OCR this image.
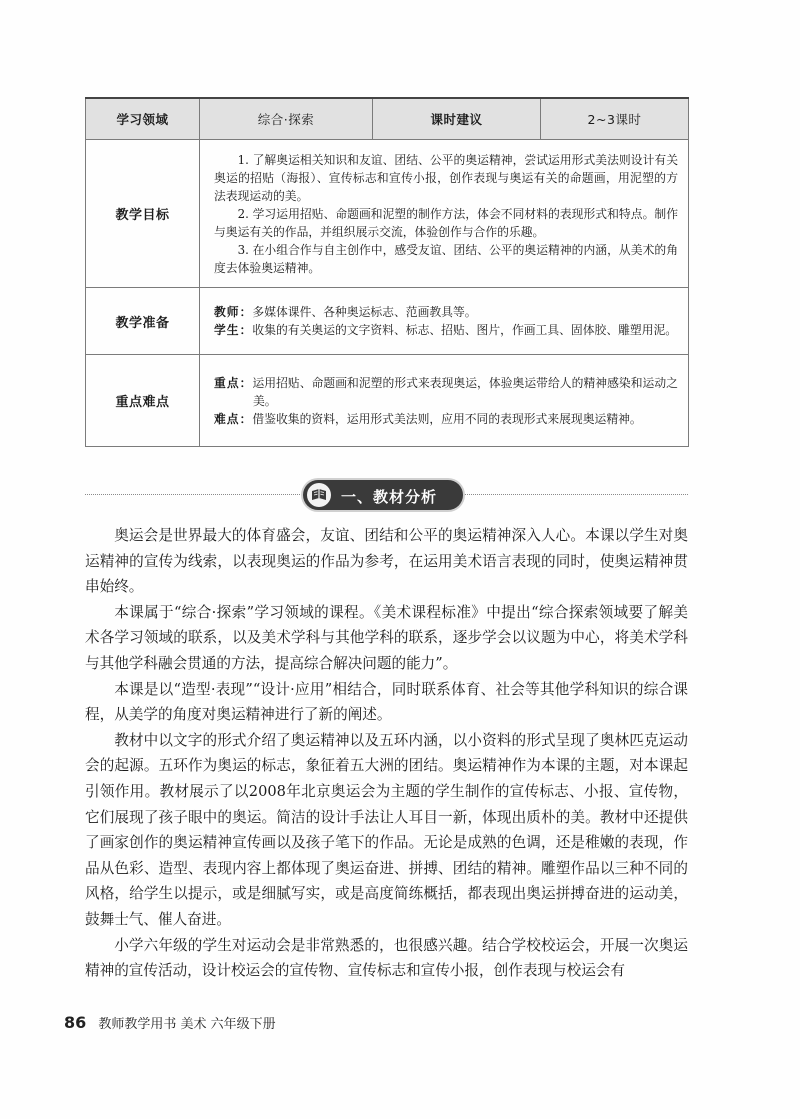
学习领域	综合·探索	课时建议	2~3课时
教学目标	1. 了解奥运相关知识和友谊、团结、公平的奥运精神，尝试运用形式美法则设计有关奥运的招贴（海报）、宣传标志和宣传小报，创作表现与奥运有关的命题画，用泥塑的方法表现运动的美。

2. 学习运用招贴、命题画和泥塑的制作方法，体会不同材料的表现形式和特点。制作与奥运有关的作品，并组织展示交流，体验创作与合作的乐趣。

3. 在小组合作与自主创作中，感受友谊、团结、公平的奥运精神的内涵，从美术的角度去体验奥运精神。		

教学准备	教师：多媒体课件、各种奥运标志、范画教具等。

学生：收集的有关奥运的文字资料、标志、招贴、图片，作画工具、固体胶、雕塑用泥。		

重点难点	重点：运用招贴、命题画和泥塑的形式来表现奥运，体验奥运带给人的精神感染和运动之美。

难点：借鉴收集的资料，运用形式美法则，应用不同的表现形式来展现奥运精神。		

一、教材分析

奥运会是世界最大的体育盛会，友谊、团结和公平的奥运精神深入人心。本课以学生对奥运精神的宣传为线索，以表现奥运的作品为参考，在运用美术语言表现的同时，使奥运精神贯串始终。

本课属于“综合·探索”学习领域的课程。《美术课程标准》中提出“综合探索领域要了解美术各学习领域的联系，以及美术学科与其他学科的联系，逐步学会以议题为中心，将美术学科与其他学科融会贯通的方法，提高综合解决问题的能力”。

本课是以“造型·表现”“设计·应用”相结合，同时联系体育、社会等其他学科知识的综合课程，从美学的角度对奥运精神进行了新的阐述。

教材中以文字的形式介绍了奥运精神以及五环内涵，以小资料的形式呈现了奥林匹克运动会的起源。五环作为奥运的标志，象征着五大洲的团结。奥运精神作为本课的主题，对本课起引领作用。教材展示了以2008年北京奥运会为主题的学生制作的宣传标志、小报、宣传物，它们展现了孩子眼中的奥运。简洁的设计手法让人耳目一新，体现出质朴的美。教材中还提供了画家创作的奥运精神宣传画以及孩子笔下的作品。无论是成熟的色调，还是稚嫩的表现，作品从色彩、造型、表现内容上都体现了奥运奋进、拼搏、团结的精神。雕塑作品以三种不同的风格，给学生以提示，或是细腻写实，或是高度简练概括，都表现出奥运拼搏奋进的运动美，鼓舞士气、催人奋进。

小学六年级的学生对运动会是非常熟悉的，也很感兴趣。结合学校校运会，开展一次奥运精神的宣传活动，设计校运会的宣传物、宣传标志和宣传小报，创作表现与校运会有

86 教师教学用书 美术 六年级下册
